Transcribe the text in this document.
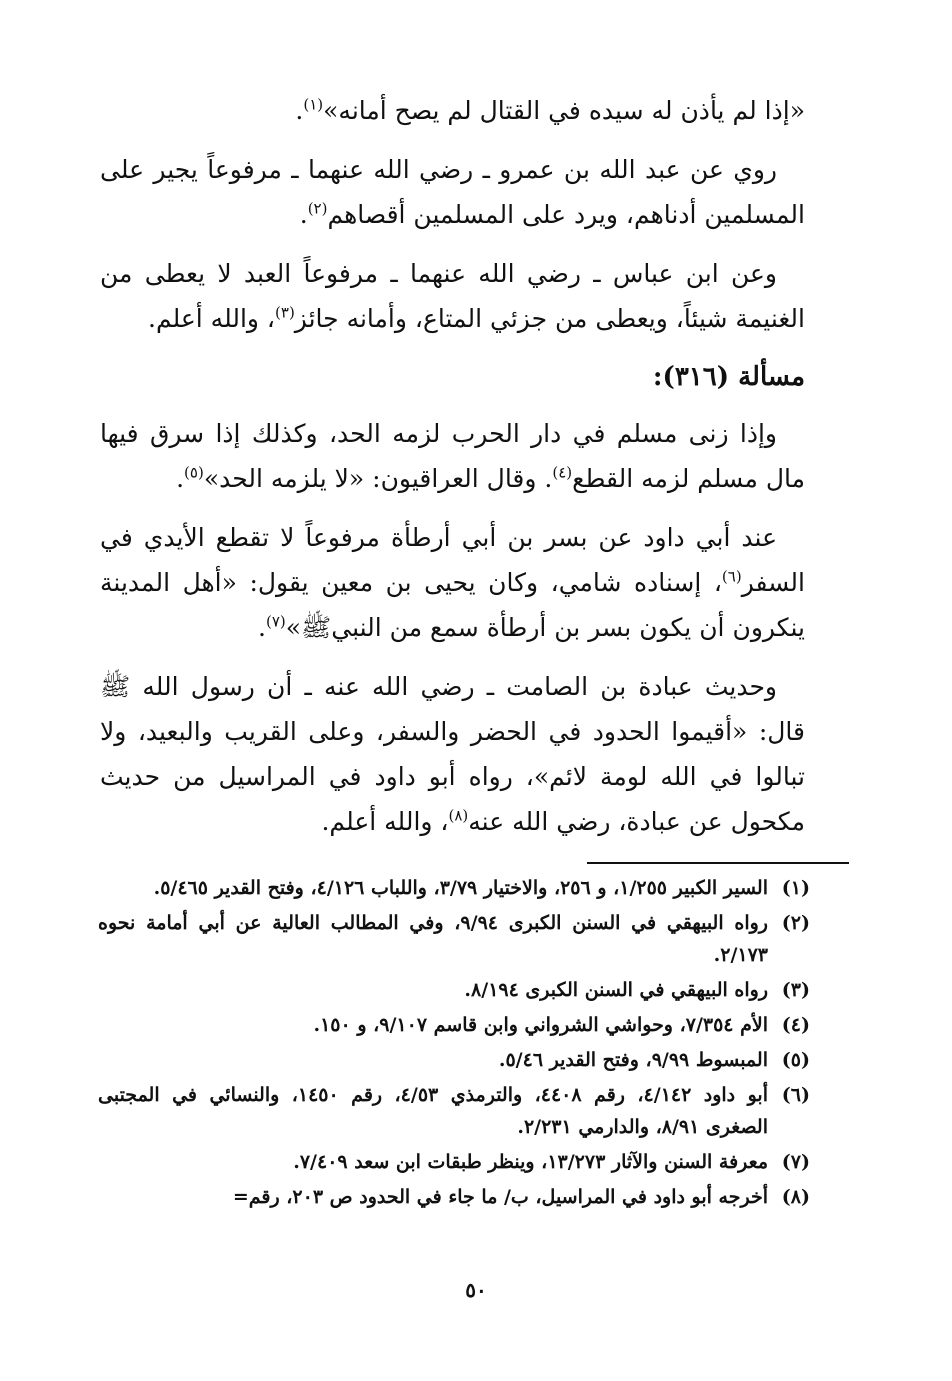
«إذا لم يأذن له سيده في القتال لم يصح أمانه»$^{(١)}$.

روي عن عبد الله بن عمرو ـ رضي الله عنهما ـ مرفوعاً يجير على المسلمين أدناهم، ويرد على المسلمين أقصاهم$^{(٢)}$.

وعن ابن عباس ـ رضي الله عنهما ـ مرفوعاً العبد لا يعطى من الغنيمة شيئاً، ويعطى من جزئي المتاع، وأمانه جائز$^{(٣)}$، والله أعلم.

مسألة (٣١٦):

وإذا زنى مسلم في دار الحرب لزمه الحد، وكذلك إذا سرق فيها مال مسلم لزمه القطع$^{(٤)}$. وقال العراقيون: «لا يلزمه الحد»$^{(٥)}$.

عند أبي داود عن بسر بن أبي أرطأة مرفوعاً لا تقطع الأيدي في السفر$^{(٦)}$، إسناده شامي، وكان يحيى بن معين يقول: «أهل المدينة ينكرون أن يكون بسر بن أرطأة سمع من النبيﷺ»$^{(٧)}$.

وحديث عبادة بن الصامت ـ رضي الله عنه ـ أن رسول الله ﷺ قال: «أقيموا الحدود في الحضر والسفر، وعلى القريب والبعيد، ولا تبالوا في الله لومة لائم»، رواه أبو داود في المراسيل من حديث مكحول عن عبادة، رضي الله عنه$^{(٨)}$، والله أعلم.

(١)
السير الكبير ١/٢٥٥، و ٢٥٦، والاختيار ٣/٧٩، واللباب ٤/١٢٦، وفتح القدير ٥/٤٦٥.
(٢)
رواه البيهقي في السنن الكبرى ٩/٩٤، وفي المطالب العالية عن أبي أمامة نحوه ٢/١٧٣.
(٣)
رواه البيهقي في السنن الكبرى ٨/١٩٤.
(٤)
الأم ٧/٣٥٤، وحواشي الشرواني وابن قاسم ٩/١٠٧، و ١٥٠.
(٥)
المبسوط ٩/٩٩، وفتح القدير ٥/٤٦.
(٦)
أبو داود ٤/١٤٢، رقم ٤٤٠٨، والترمذي ٤/٥٣، رقم ١٤٥٠، والنسائي في المجتبى الصغرى ٨/٩١، والدارمي ٢/٢٣١.
(٧)
معرفة السنن والآثار ١٣/٢٧٣، وينظر طبقات ابن سعد ٧/٤٠٩.
(٨)
أخرجه أبو داود في المراسيل، ب/ ما جاء في الحدود ص ٢٠٣، رقم=
٥٠
